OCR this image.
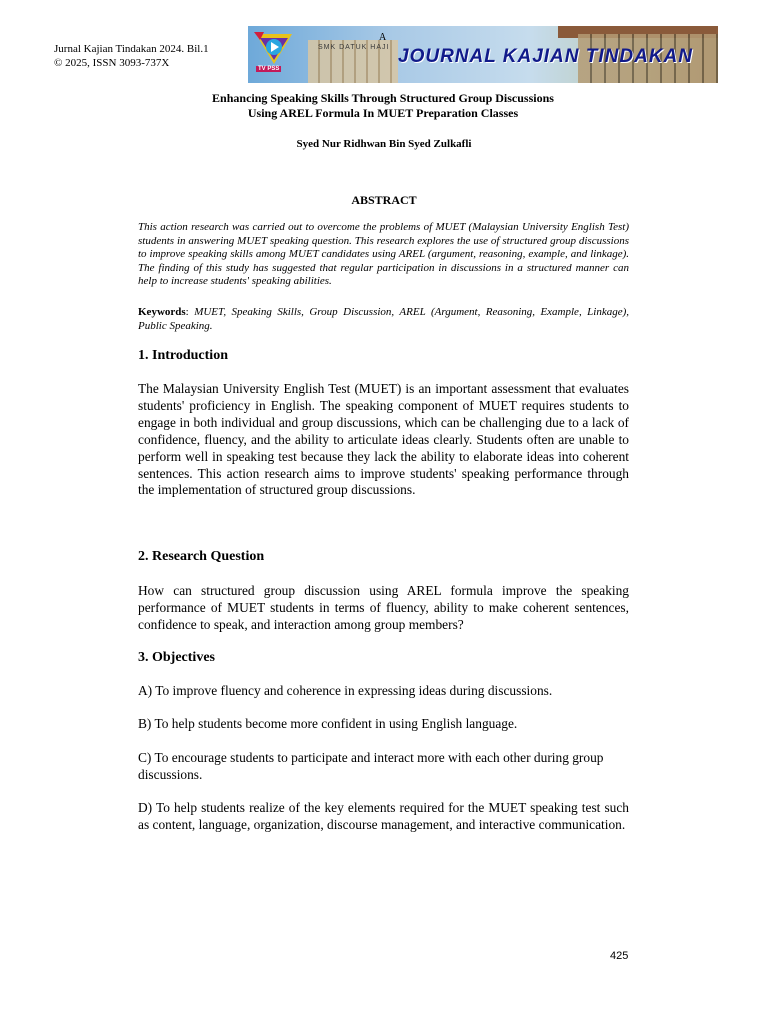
Jurnal Kajian Tindakan 2024. Bil.1
© 2025, ISSN 3093-737X
SMK DATUK HAJI
TV PSS
JOURNAL KAJIAN TINDAKAN
A
Enhancing Speaking Skills Through Structured Group Discussions
Using AREL Formula In MUET Preparation Classes
Syed Nur Ridhwan Bin Syed Zulkafli
ABSTRACT
This action research was carried out to overcome the problems of MUET (Malaysian University English Test) students in answering MUET speaking question. This research explores the use of structured group discussions to improve speaking skills among MUET candidates using AREL (argument, reasoning, example, and linkage). The finding of this study has suggested that regular participation in discussions in a structured manner can help to increase students' speaking abilities.
Keywords: MUET, Speaking Skills, Group Discussion, AREL (Argument, Reasoning, Example, Linkage), Public Speaking.
1. Introduction
The Malaysian University English Test (MUET) is an important assessment that evaluates students' proficiency in English. The speaking component of MUET requires students to engage in both individual and group discussions, which can be challenging due to a lack of confidence, fluency, and the ability to articulate ideas clearly. Students often are unable to perform well in speaking test because they lack the ability to elaborate ideas into coherent sentences. This action research aims to improve students' speaking performance through the implementation of structured group discussions.
2. Research Question
How can structured group discussion using AREL formula improve the speaking performance of MUET students in terms of fluency, ability to make coherent sentences, confidence to speak, and interaction among group members?
3. Objectives
A) To improve fluency and coherence in expressing ideas during discussions.
B) To help students become more confident in using English language.
C) To encourage students to participate and interact more with each other during group discussions.
D) To help students realize of the key elements required for the MUET speaking test such as content, language, organization, discourse management, and interactive communication.
425
